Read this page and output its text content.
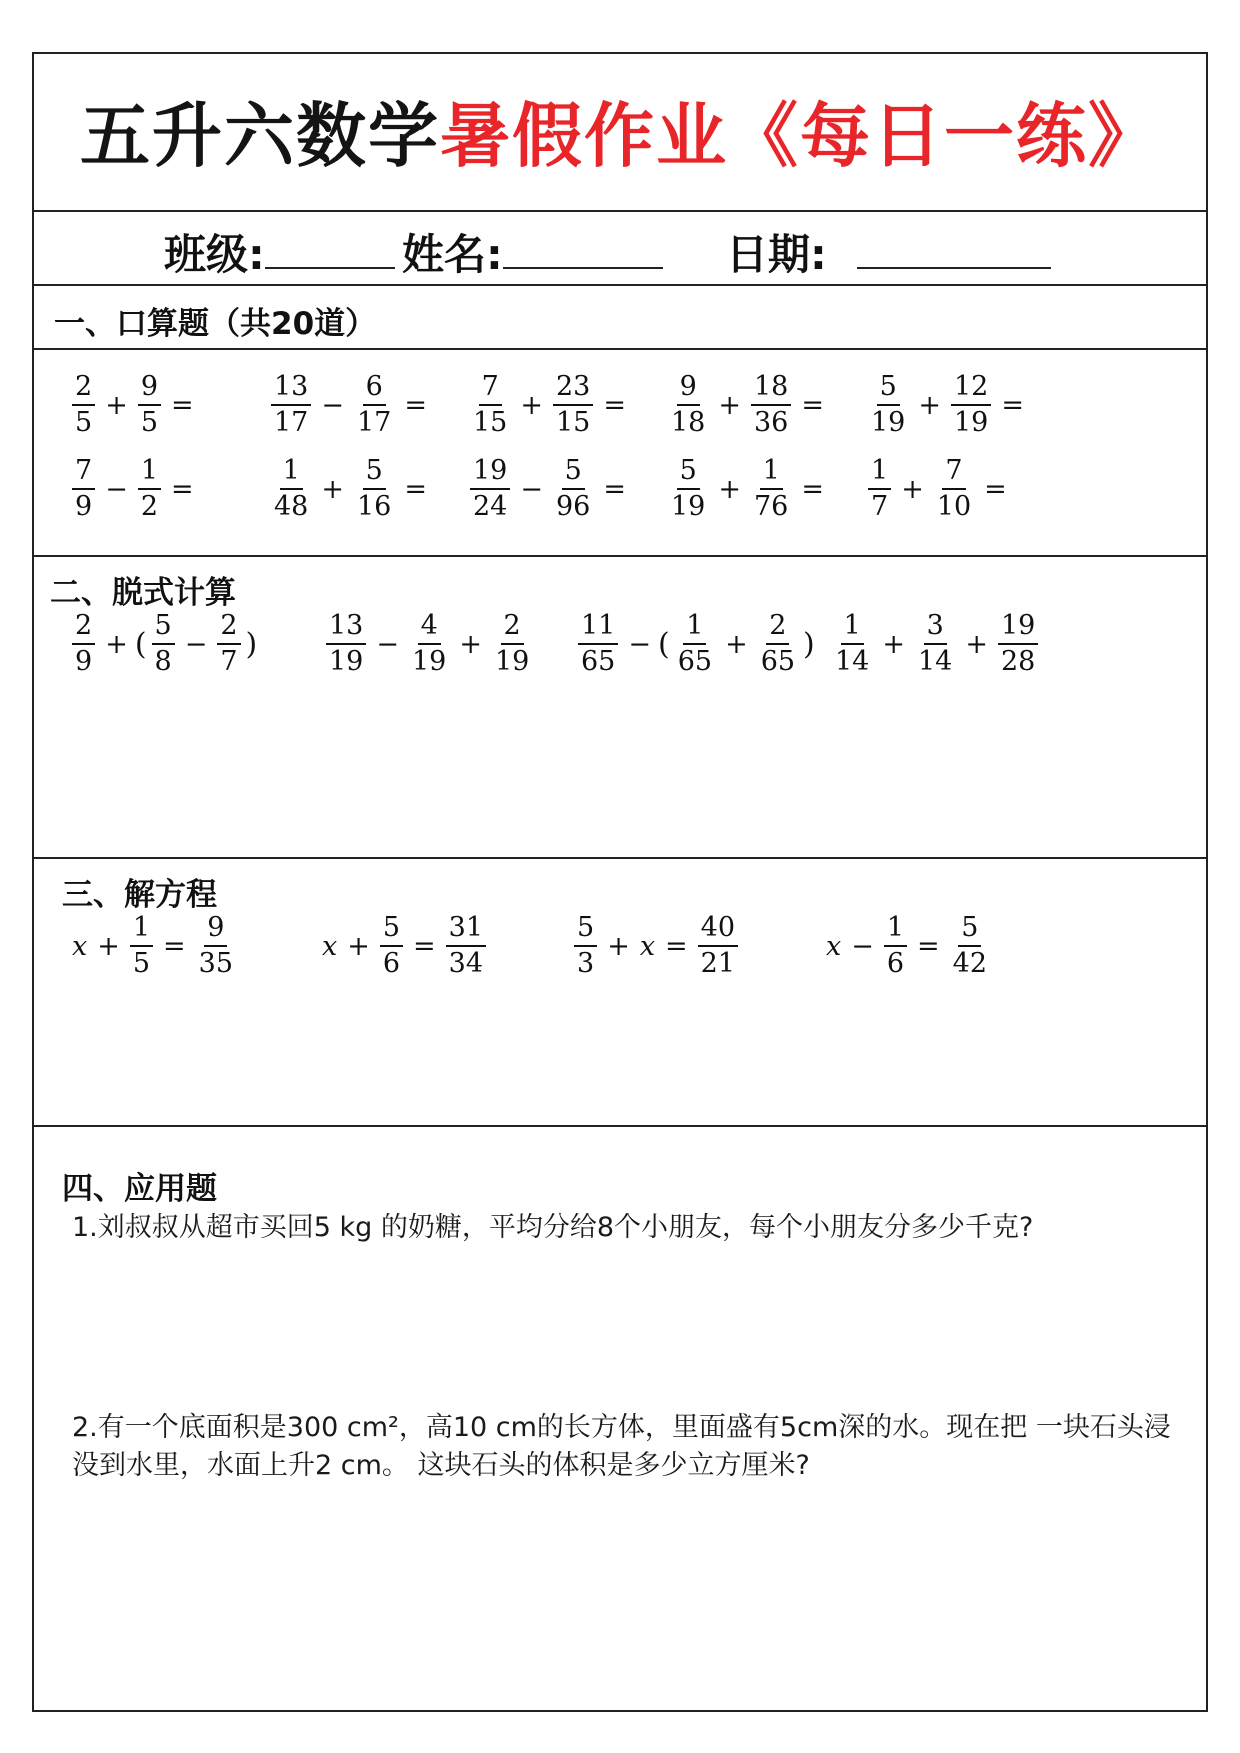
五升六数学暑假作业《每日一练》
班级:	姓名:	日期:
一、口算题（共20道）
$\frac{2}{5} + \frac{9}{5}$ =	$\frac{13}{17} - \frac{6}{17} = \frac{7}{15} + \frac{23}{15} = \frac{9}{18} + \frac{18}{36} = \frac{5}{19} + \frac{12}{19}$ =
$\frac{7}{9} - \frac{1}{2}$ =	$\frac{1}{48} + \frac{5}{16} = \frac{19}{24} - \frac{5}{96} = \frac{5}{19} + \frac{1}{76} = \frac{1}{7} + \frac{7}{10}$ =
二、脱式计算
$\frac{2}{9}$ + ( $\frac{5}{8} - \frac{2}{7}$ )	$\frac{13}{19} - \frac{4}{19} + \frac{2}{19} \frac{11}{65}$ − ( $\frac{1}{65} + \frac{2}{65}$ ) $\frac{1}{14} + \frac{3}{14} + \frac{19}{28}$
三、解方程
$x + \frac{1}{5} = \frac{9}{35}$	$x + \frac{5}{6} = \frac{31}{34}$	$\frac{5}{3} + x = \frac{40}{21}$	$x - \frac{1}{6} = \frac{5}{42}$
四、应用题
1.刘叔叔从超市买回5 kg 的奶糖，平均分给8个小朋友，每个小朋友分多少千克?
2.有一个底面积是300 cm²，高10 cm的长方体，里面盛有5cm深的水。现在把 一块石头浸没到水里，水面上升2 cm。 这块石头的体积是多少立方厘米?
